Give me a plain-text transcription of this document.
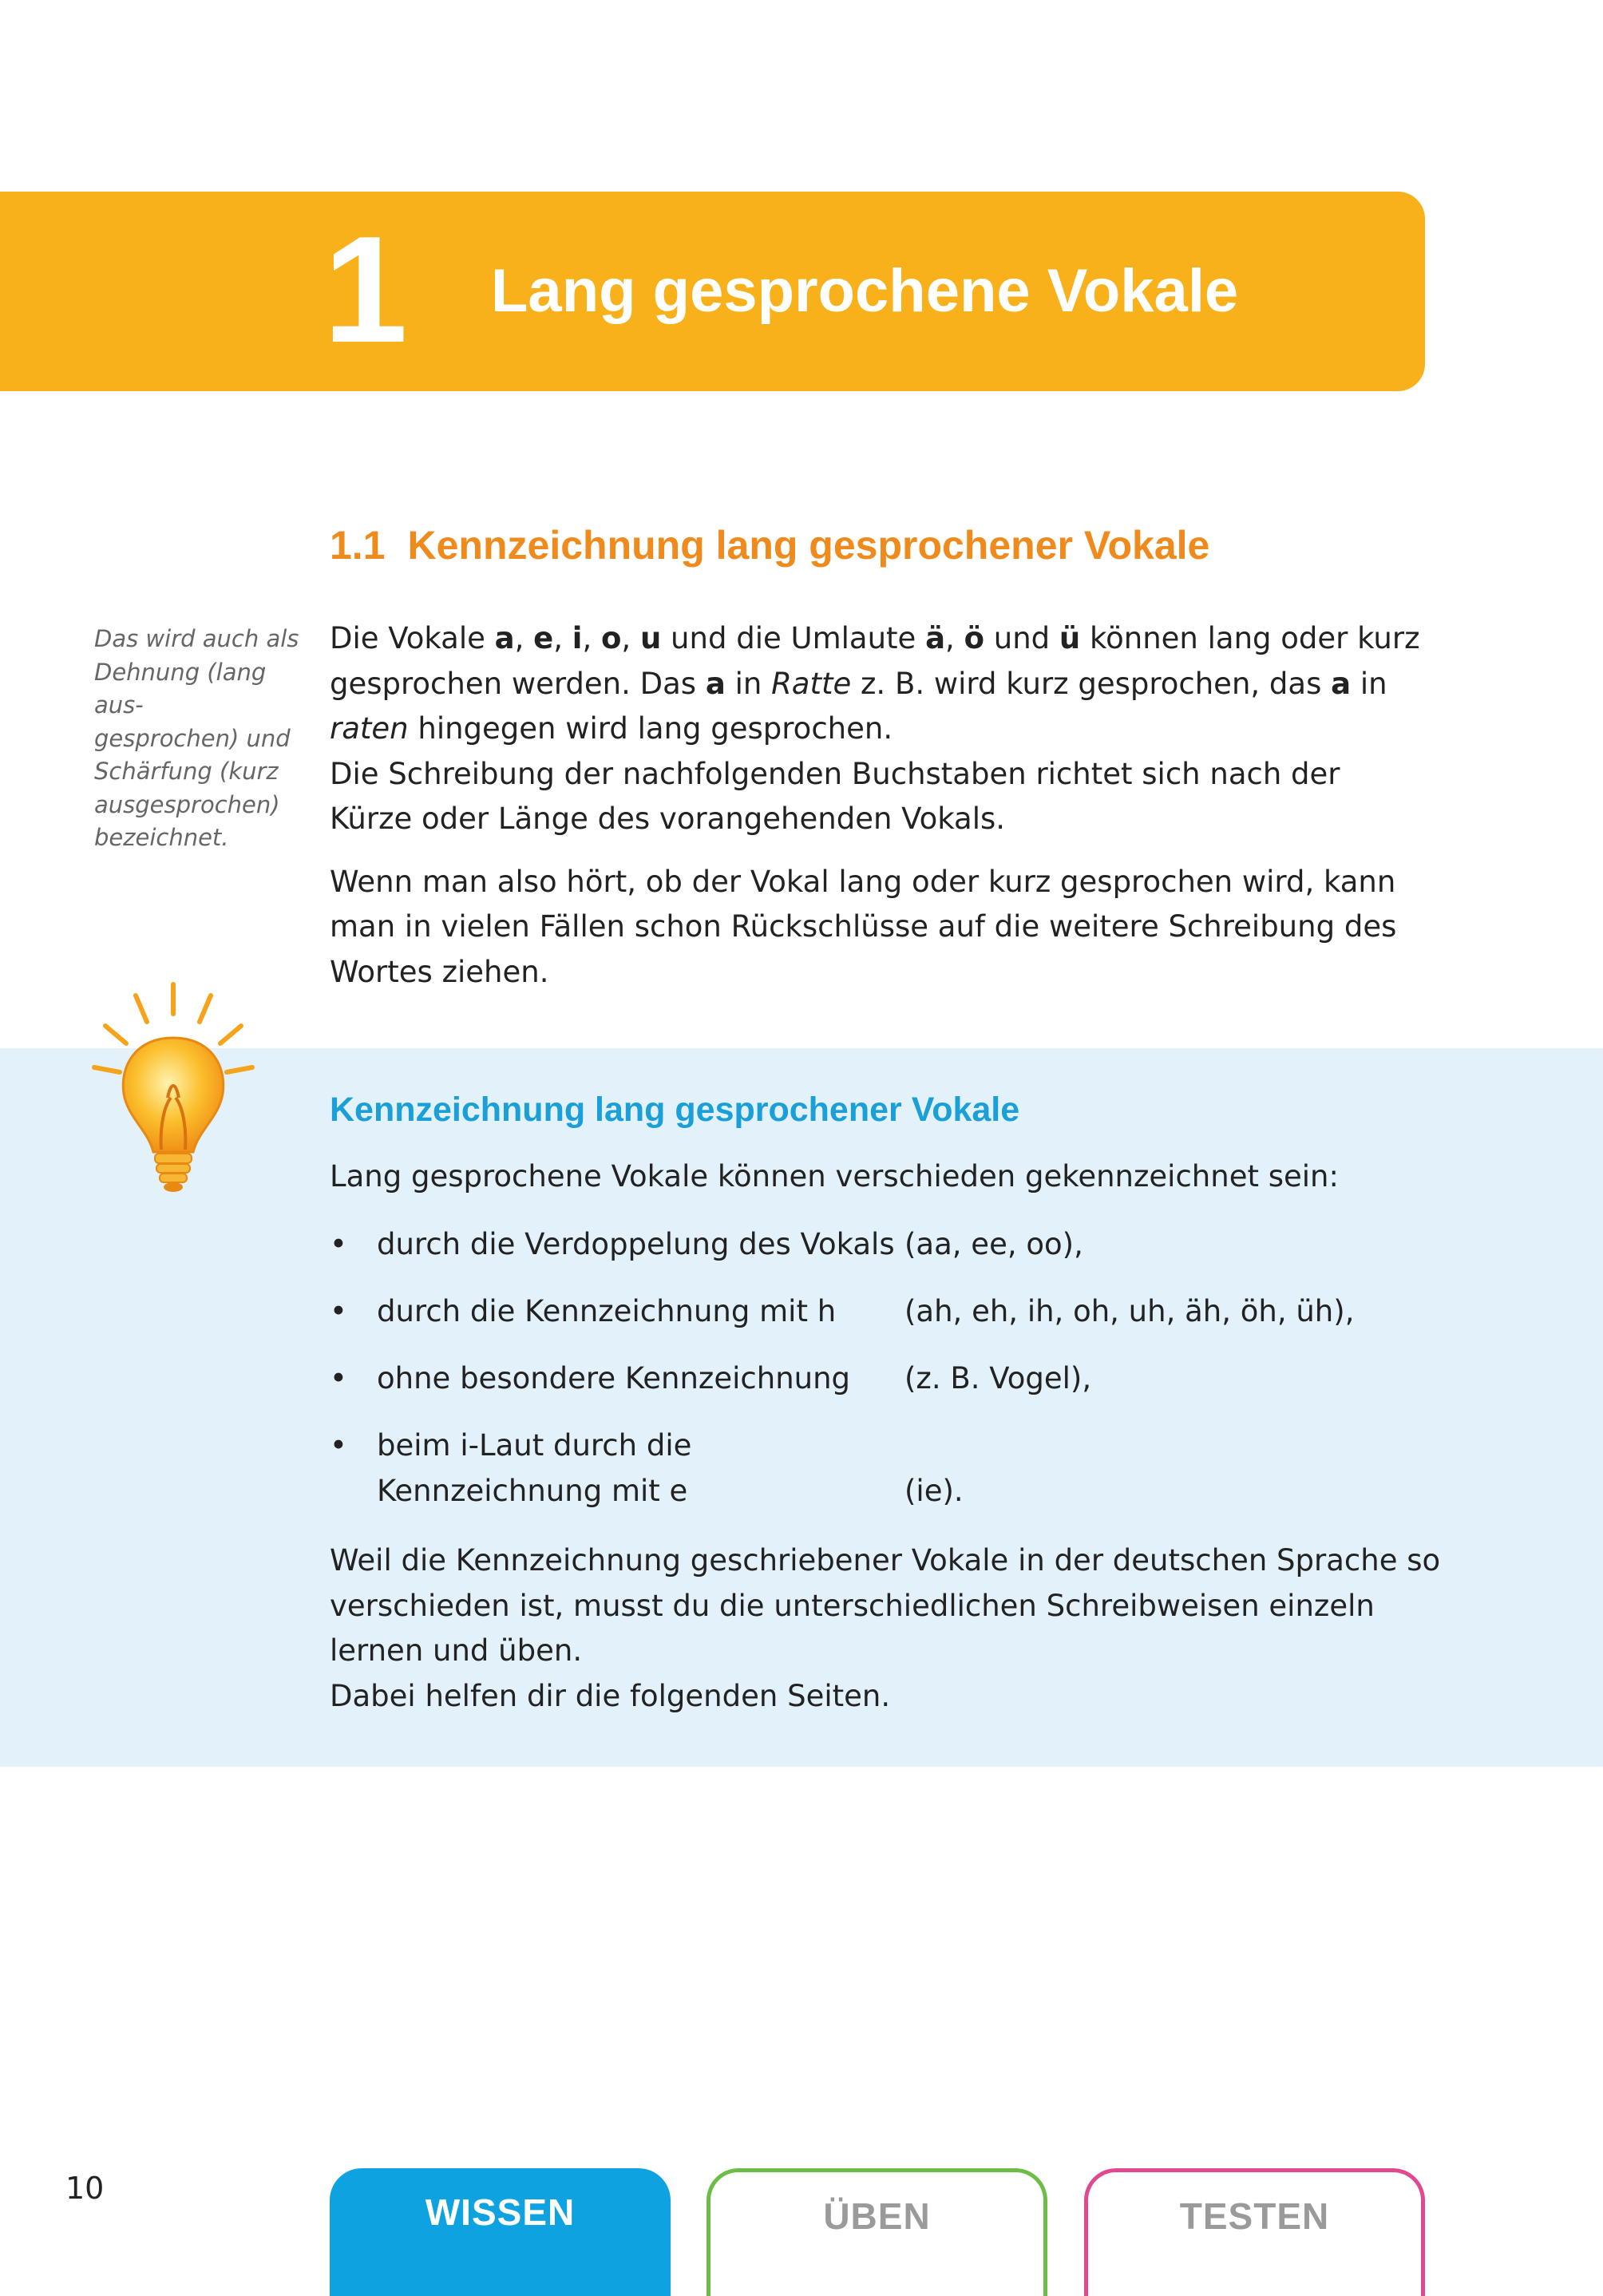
1 Lang gesprochene Vokale
1.1 Kennzeichnung lang gesprochener Vokale
Das wird auch als
Dehnung (lang aus-
gesprochen) und
Schärfung (kurz
ausgesprochen)
bezeichnet.

Die Vokale a, e, i, o, u und die Umlaute ä, ö und ü können lang oder kurz gesprochen werden. Das a in Ratte z. B. wird kurz gesprochen, das a in raten hingegen wird lang gesprochen.

Die Schreibung der nachfolgenden Buchstaben richtet sich nach der Kürze oder Länge des vorangehenden Vokals.

Wenn man also hört, ob der Vokal lang oder kurz gesprochen wird, kann man in vielen Fällen schon Rückschlüsse auf die weitere Schreibung des Wortes ziehen.

Kennzeichnung lang gesprochener Vokale
Lang gesprochene Vokale können verschieden gekennzeichnet sein:
• durch die Verdoppelung des Vokals (aa, ee, oo),
• durch die Kennzeichnung mit h (ah, eh, ih, oh, uh, äh, öh, üh),
• ohne besondere Kennzeichnung (z. B. Vogel),
• beim i-Laut durch die
Kennzeichnung mit e	(ie).

Weil die Kennzeichnung geschriebener Vokale in der deutschen Sprache so verschieden ist, musst du die unterschiedlichen Schreibweisen einzeln lernen und üben.

Dabei helfen dir die folgenden Seiten.

10
WISSEN	ÜBEN	TESTEN
